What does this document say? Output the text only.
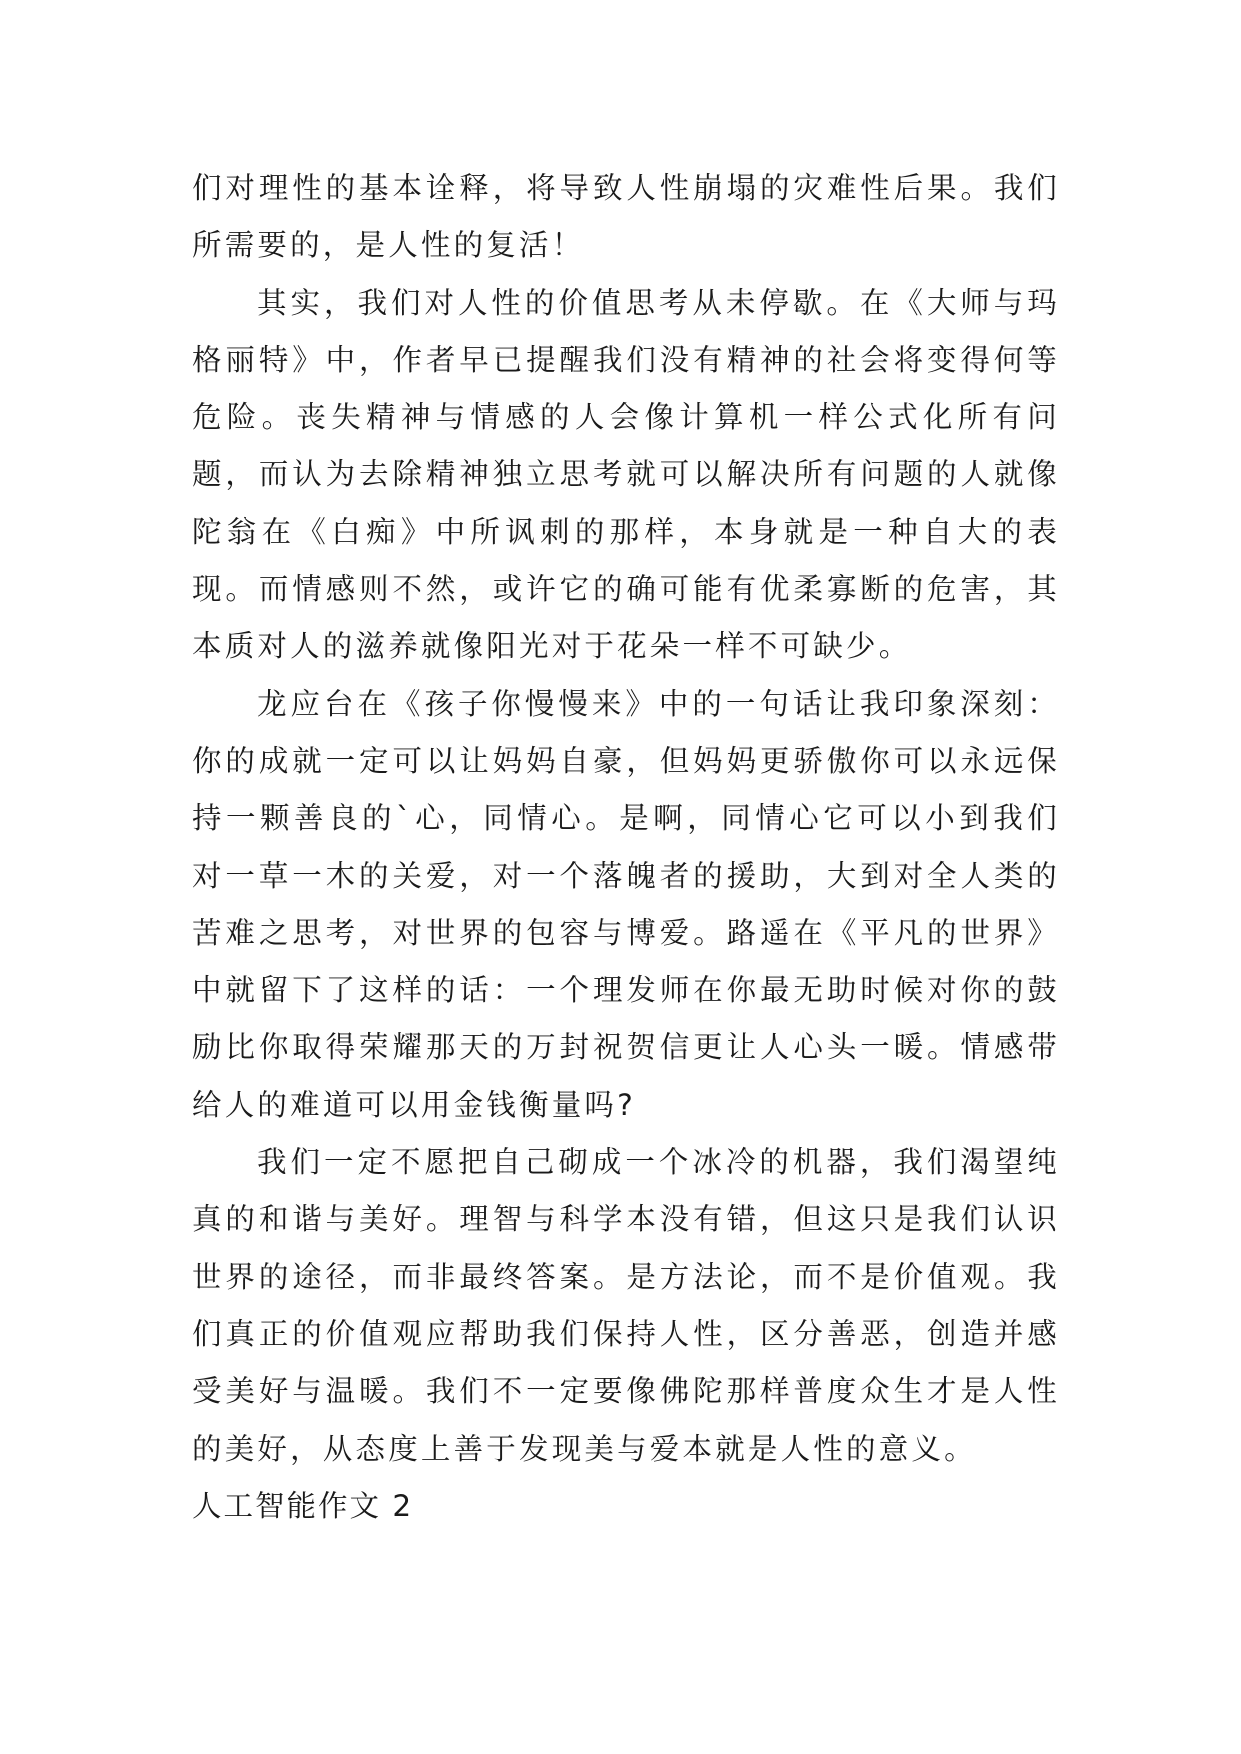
们对理性的基本诠释，将导致人性崩塌的灾难性后果。我们所需要的，是人性的复活！

其实，我们对人性的价值思考从未停歇。在《大师与玛格丽特》中，作者早已提醒我们没有精神的社会将变得何等危险。丧失精神与情感的人会像计算机一样公式化所有问题，而认为去除精神独立思考就可以解决所有问题的人就像陀翁在《白痴》中所讽刺的那样，本身就是一种自大的表现。而情感则不然，或许它的确可能有优柔寡断的危害，其本质对人的滋养就像阳光对于花朵一样不可缺少。

龙应台在《孩子你慢慢来》中的一句话让我印象深刻：你的成就一定可以让妈妈自豪，但妈妈更骄傲你可以永远保持一颗善良的`心，同情心。是啊，同情心它可以小到我们对一草一木的关爱，对一个落魄者的援助，大到对全人类的苦难之思考，对世界的包容与博爱。路遥在《平凡的世界》中就留下了这样的话：一个理发师在你最无助时候对你的鼓励比你取得荣耀那天的万封祝贺信更让人心头一暖。情感带给人的难道可以用金钱衡量吗?

我们一定不愿把自己砌成一个冰冷的机器，我们渴望纯真的和谐与美好。理智与科学本没有错，但这只是我们认识世界的途径，而非最终答案。是方法论，而不是价值观。我们真正的价值观应帮助我们保持人性，区分善恶，创造并感受美好与温暖。我们不一定要像佛陀那样普度众生才是人性的美好，从态度上善于发现美与爱本就是人性的意义。

人工智能作文 2
